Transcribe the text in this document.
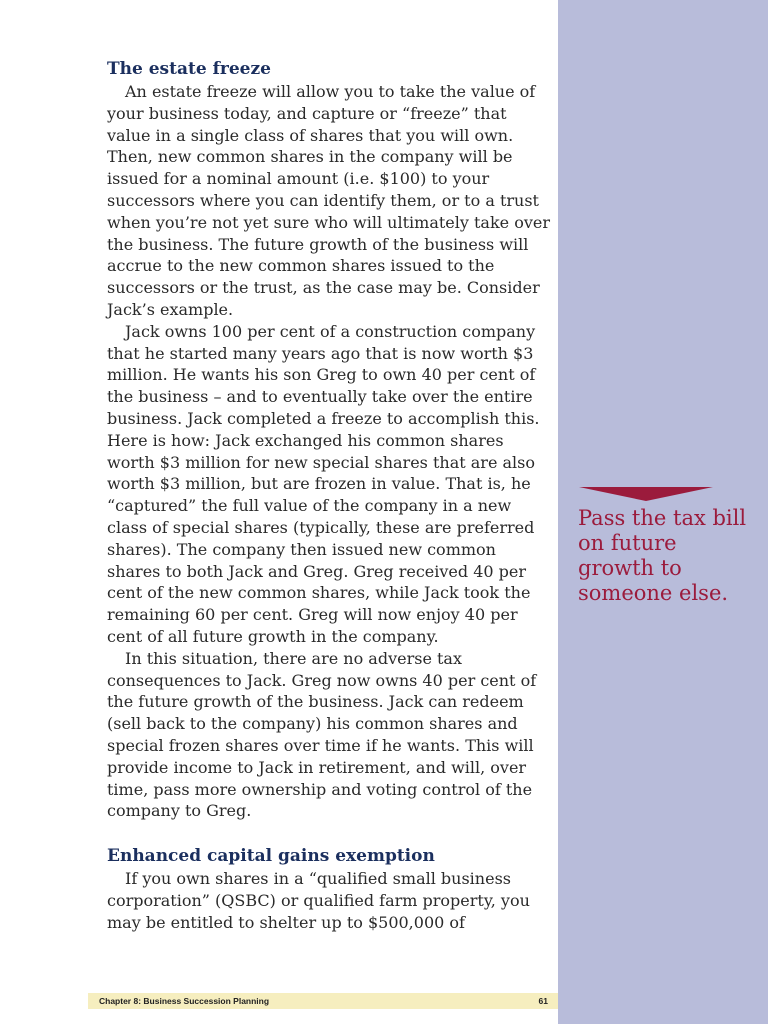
The estate freeze

An estate freeze will allow you to take the value of your business today, and capture or “freeze” that value in a single class of shares that you will own. Then, new common shares in the company will be issued for a nominal amount (i.e. $100) to your successors where you can identify them, or to a trust when you’re not yet sure who will ultimately take over the business. The future growth of the business will accrue to the new common shares issued to the successors or the trust, as the case may be. Consider Jack’s example.

Jack owns 100 per cent of a construction company that he started many years ago that is now worth $3 million. He wants his son Greg to own 40 per cent of the business – and to eventually take over the entire business. Jack completed a freeze to accomplish this. Here is how: Jack exchanged his common shares worth $3 million for new special shares that are also worth $3 million, but are frozen in value. That is, he “captured” the full value of the company in a new class of special shares (typically, these are preferred shares). The company then issued new common shares to both Jack and Greg. Greg received 40 per cent of the new common shares, while Jack took the remaining 60 per cent. Greg will now enjoy 40 per cent of all future growth in the company.

In this situation, there are no adverse tax consequences to Jack. Greg now owns 40 per cent of the future growth of the business. Jack can redeem (sell back to the company) his common shares and special frozen shares over time if he wants. This will provide income to Jack in retirement, and will, over time, pass more ownership and voting control of the company to Greg.

Enhanced capital gains exemption

If you own shares in a “qualified small business corporation” (QSBC) or qualified farm property, you may be entitled to shelter up to $500,000 of

Pass the tax bill on future growth to someone else.
Chapter 8: Business Succession Planning	61
